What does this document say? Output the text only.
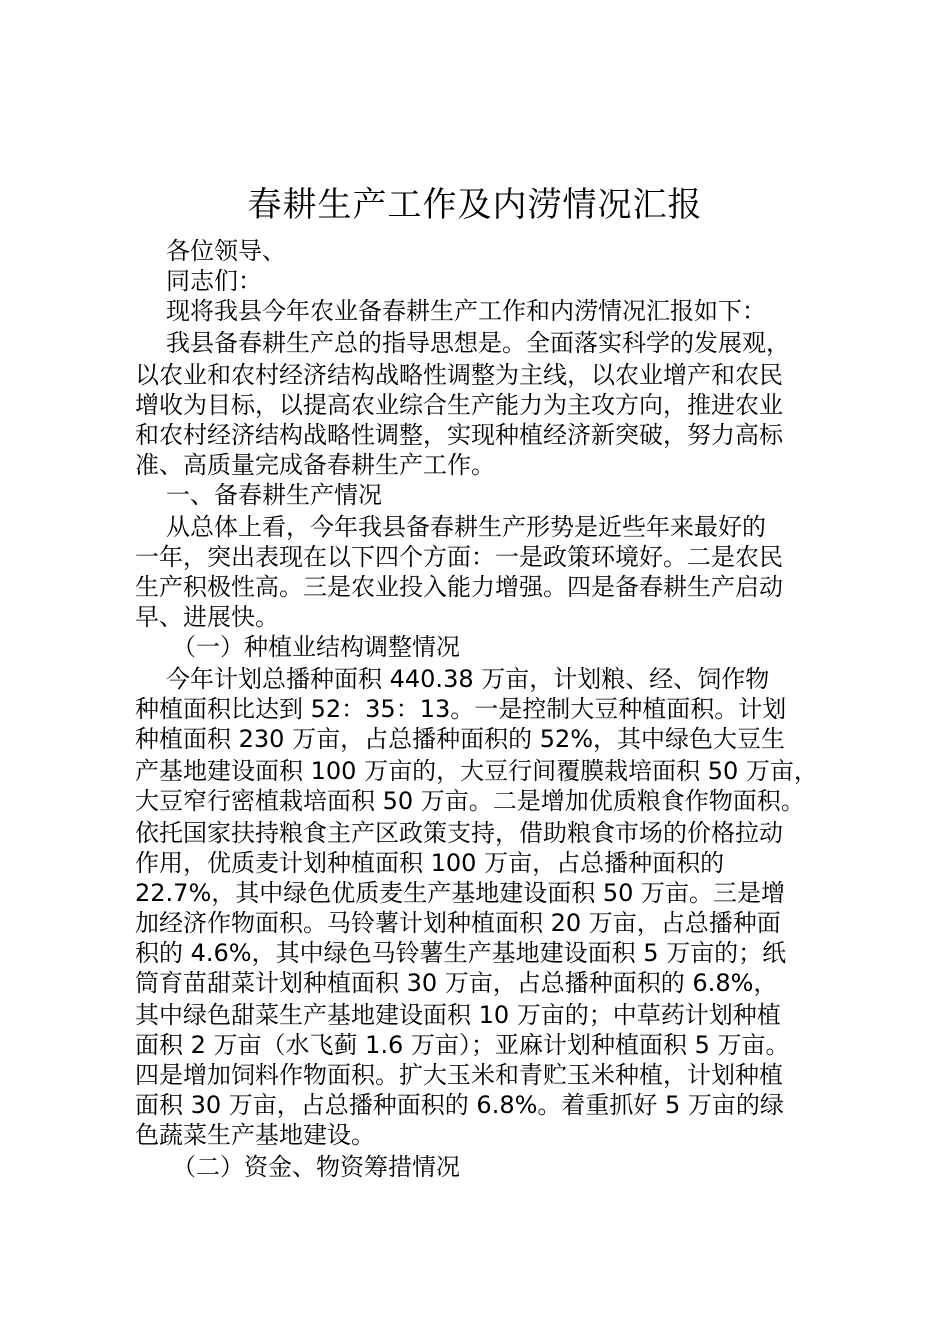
春耕生产工作及内涝情况汇报
各位领导、
同志们：
现将我县今年农业备春耕生产工作和内涝情况汇报如下：
我县备春耕生产总的指导思想是。全面落实科学的发展观，
以农业和农村经济结构战略性调整为主线，以农业增产和农民
增收为目标，以提高农业综合生产能力为主攻方向，推进农业
和农村经济结构战略性调整，实现种植经济新突破，努力高标
准、高质量完成备春耕生产工作。
一、备春耕生产情况
从总体上看，今年我县备春耕生产形势是近些年来最好的
一年，突出表现在以下四个方面：一是政策环境好。二是农民
生产积极性高。三是农业投入能力增强。四是备春耕生产启动
早、进展快。
（一）种植业结构调整情况
今年计划总播种面积 440.38 万亩，计划粮、经、饲作物
种植面积比达到 52：35：13。一是控制大豆种植面积。计划
种植面积 230 万亩，占总播种面积的 52%，其中绿色大豆生
产基地建设面积 100 万亩的，大豆行间覆膜栽培面积 50 万亩，
大豆窄行密植栽培面积 50 万亩。二是增加优质粮食作物面积。
依托国家扶持粮食主产区政策支持，借助粮食市场的价格拉动
作用，优质麦计划种植面积 100 万亩，占总播种面积的
22.7%，其中绿色优质麦生产基地建设面积 50 万亩。三是增
加经济作物面积。马铃薯计划种植面积 20 万亩，占总播种面
积的 4.6%，其中绿色马铃薯生产基地建设面积 5 万亩的；纸
筒育苗甜菜计划种植面积 30 万亩，占总播种面积的 6.8%，
其中绿色甜菜生产基地建设面积 10 万亩的；中草药计划种植
面积 2 万亩（水飞蓟 1.6 万亩）；亚麻计划种植面积 5 万亩。
四是增加饲料作物面积。扩大玉米和青贮玉米种植，计划种植
面积 30 万亩，占总播种面积的 6.8%。着重抓好 5 万亩的绿
色蔬菜生产基地建设。
（二）资金、物资筹措情况
